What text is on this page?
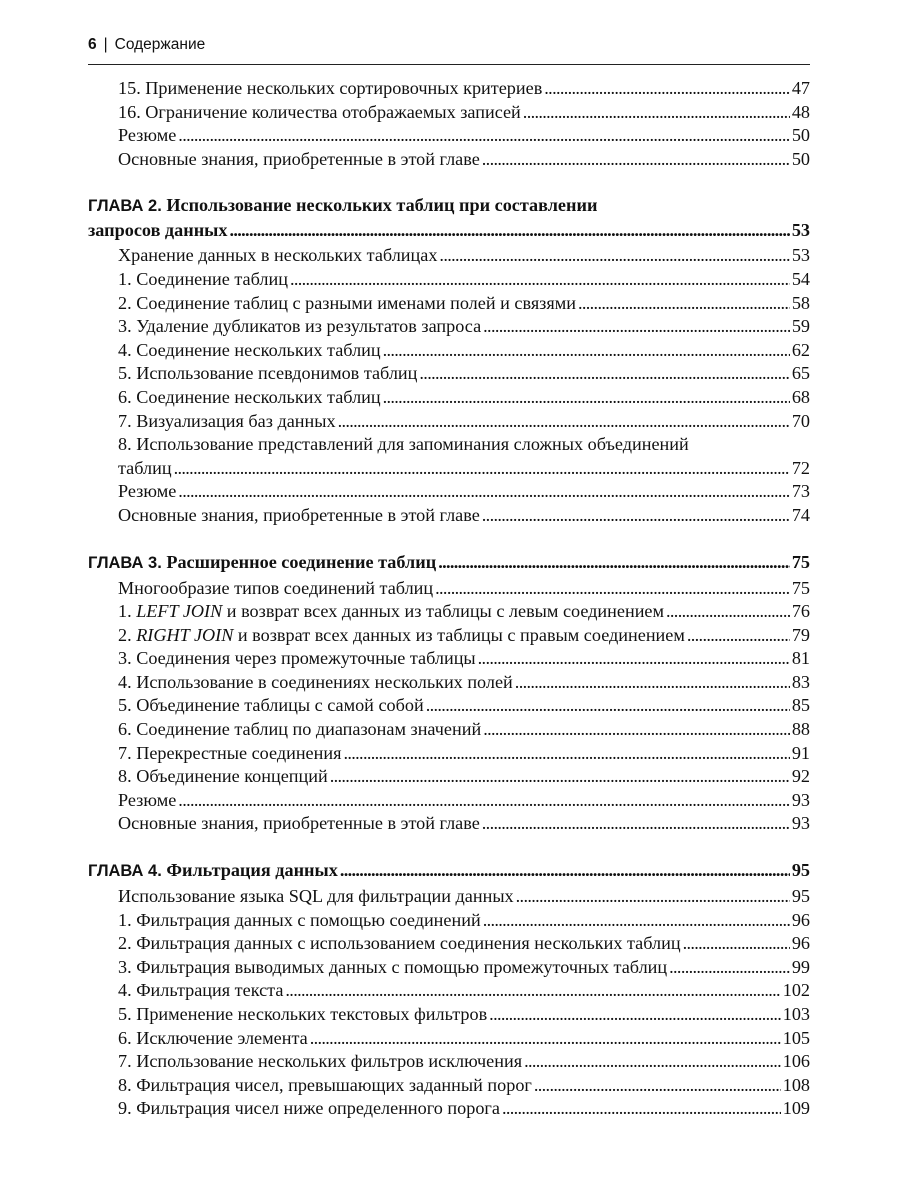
6 | Содержание
15. Применение нескольких сортировочных критериев . . .	47
16. Ограничение количества отображаемых записей . . .	48
Резюме . . .	50
Основные знания, приобретенные в этой главе . . .	50
ГЛАВА 2. Использование нескольких таблиц при составлении
запросов данных . . .	53
Хранение данных в нескольких таблицах . . .	53
1. Соединение таблиц . . .	54
2. Соединение таблиц с разными именами полей и связями . . .	58
3. Удаление дубликатов из результатов запроса . . .	59
4. Соединение нескольких таблиц . . .	62
5. Использование псевдонимов таблиц . . .	65
6. Соединение нескольких таблиц . . .	68
7. Визуализация баз данных . . .	70
8. Использование представлений для запоминания сложных объединений
таблиц . . .	72
Резюме . . .	73
Основные знания, приобретенные в этой главе . . .	74
ГЛАВА 3. Расширенное соединение таблиц . . .	75
Многообразие типов соединений таблиц . . .	75
1. LEFT JOIN и возврат всех данных из таблицы с левым соединением . . .	76
2. RIGHT JOIN и возврат всех данных из таблицы с правым соединением . . .	79
3. Соединения через промежуточные таблицы . . .	81
4. Использование в соединениях нескольких полей . . .	83
5. Объединение таблицы с самой собой . . .	85
6. Соединение таблиц по диапазонам значений . . .	88
7. Перекрестные соединения . . .	91
8. Объединение концепций . . .	92
Резюме . . .	93
Основные знания, приобретенные в этой главе . . .	93
ГЛАВА 4. Фильтрация данных . . .	95
Использование языка SQL для фильтрации данных . . .	95
1. Фильтрация данных с помощью соединений . . .	96
2. Фильтрация данных с использованием соединения нескольких таблиц . . .	96
3. Фильтрация выводимых данных с помощью промежуточных таблиц . . .	99
4. Фильтрация текста . . .	102
5. Применение нескольких текстовых фильтров . . .	103
6. Исключение элемента . . .	105
7. Использование нескольких фильтров исключения . . .	106
8. Фильтрация чисел, превышающих заданный порог . . .	108
9. Фильтрация чисел ниже определенного порога . . .	109
